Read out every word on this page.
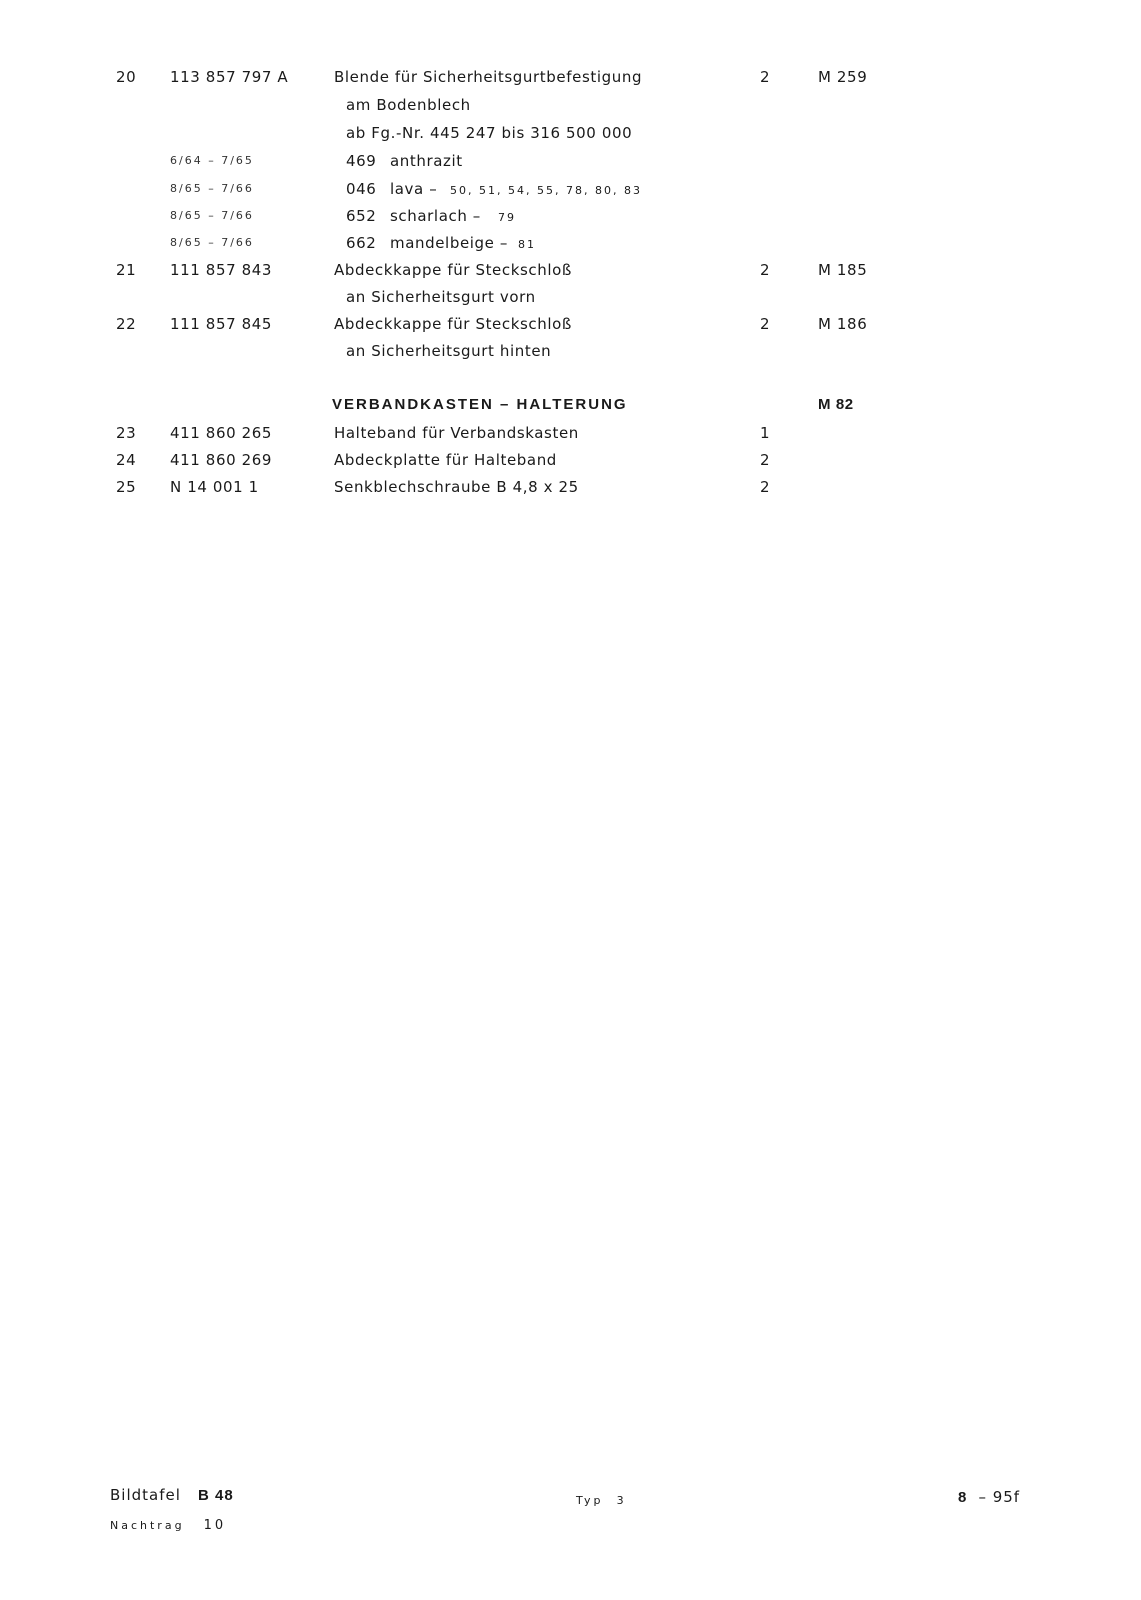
20 113 857 797 A	Blende für Sicherheitsgurtbefestigung	2	M 259
am Bodenblech
ab Fg.-Nr. 445 247 bis 316 500 000
6/64 – 7/65	469 anthrazit
8/65 – 7/66	046 lava – 50, 51, 54, 55, 78, 80, 83
8/65 – 7/66	652 scharlach – 79
8/65 – 7/66	662 mandelbeige – 81
21 111 857 843	Abdeckkappe für Steckschloß	2	M 185
an Sicherheitsgurt vorn
22 111 857 845	Abdeckkappe für Steckschloß	2	M 186
an Sicherheitsgurt hinten
VERBANDKASTEN – HALTERUNG	M 82
23 411 860 265	Halteband für Verbandskasten	1
24 411 860 269	Abdeckplatte für Halteband	2
25 N 14 001 1	Senkblechschraube B 4,8 x 25	2
Bildtafel B 48
Nachtrag 10
Typ 3	8 – 95f
